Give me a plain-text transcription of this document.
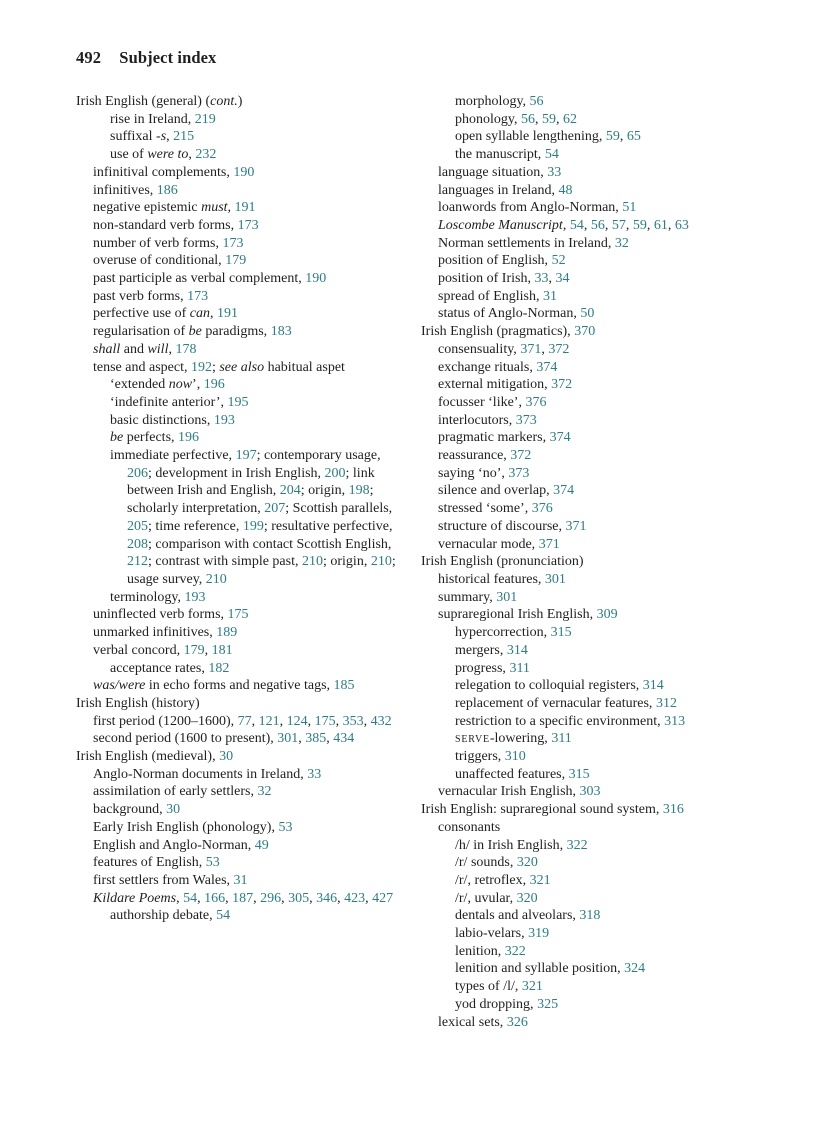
492 Subject index
Irish English (general) (cont.)
rise in Ireland, 219
suffixal -s, 215
use of were to, 232
infinitival complements, 190
infinitives, 186
negative epistemic must, 191
non-standard verb forms, 173
number of verb forms, 173
overuse of conditional, 179
past participle as verbal complement, 190
past verb forms, 173
perfective use of can, 191
regularisation of be paradigms, 183
shall and will, 178
tense and aspect, 192; see also habitual aspet
‘extended now’, 196
‘indefinite anterior’, 195
basic distinctions, 193
be perfects, 196
immediate perfective, 197; contemporary usage, 206; development in Irish English, 200; link between Irish and English, 204; origin, 198; scholarly interpretation, 207; Scottish parallels, 205; time reference, 199; resultative perfective, 208; comparison with contact Scottish English, 212; contrast with simple past, 210; origin, 210; usage survey, 210
terminology, 193
uninflected verb forms, 175
unmarked infinitives, 189
verbal concord, 179, 181
acceptance rates, 182
was/were in echo forms and negative tags, 185
Irish English (history)
first period (1200–1600), 77, 121, 124, 175, 353, 432
second period (1600 to present), 301, 385, 434
Irish English (medieval), 30
Anglo-Norman documents in Ireland, 33
assimilation of early settlers, 32
background, 30
Early Irish English (phonology), 53
English and Anglo-Norman, 49
features of English, 53
first settlers from Wales, 31
Kildare Poems, 54, 166, 187, 296, 305, 346, 423, 427
authorship debate, 54
morphology, 56
phonology, 56, 59, 62
open syllable lengthening, 59, 65
the manuscript, 54
language situation, 33
languages in Ireland, 48
loanwords from Anglo-Norman, 51
Loscombe Manuscript, 54, 56, 57, 59, 61, 63
Norman settlements in Ireland, 32
position of English, 52
position of Irish, 33, 34
spread of English, 31
status of Anglo-Norman, 50
Irish English (pragmatics), 370
consensuality, 371, 372
exchange rituals, 374
external mitigation, 372
focusser ‘like’, 376
interlocutors, 373
pragmatic markers, 374
reassurance, 372
saying ‘no’, 373
silence and overlap, 374
stressed ‘some’, 376
structure of discourse, 371
vernacular mode, 371
Irish English (pronunciation)
historical features, 301
summary, 301
supraregional Irish English, 309
hypercorrection, 315
mergers, 314
progress, 311
relegation to colloquial registers, 314
replacement of vernacular features, 312
restriction to a specific environment, 313
serve-lowering, 311
triggers, 310
unaffected features, 315
vernacular Irish English, 303
Irish English: supraregional sound system, 316
consonants
/h/ in Irish English, 322
/r/ sounds, 320
/r/, retroflex, 321
/r/, uvular, 320
dentals and alveolars, 318
labio-velars, 319
lenition, 322
lenition and syllable position, 324
types of /l/, 321
yod dropping, 325
lexical sets, 326
